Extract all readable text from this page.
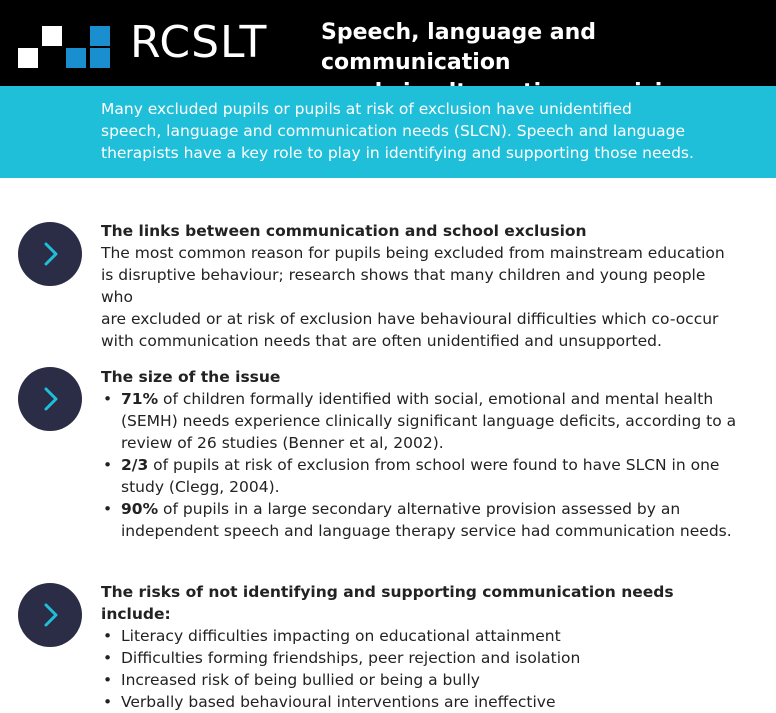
RCSLT Speech, language and communication
Many excluded pupils or pupils at risk of exclusion have unidentified
speech, language and communication needs (SLCN). Speech and language
therapists have a key role to play in identifying and supporting those needs.
The links between communication and school exclusion
The most common reason for pupils being excluded from mainstream education
is disruptive behaviour; research shows that many children and young people who
are excluded or at risk of exclusion have behavioural difficulties which co-occur
with communication needs that are often unidentified and unsupported.
The size of the issue
• 71% of children formally identified with social, emotional and mental health
(SEMH) needs experience clinically significant language deficits, according to a
review of 26 studies (Benner et al, 2002).
• 2/3 of pupils at risk of exclusion from school were found to have SLCN in one
study (Clegg, 2004).
• 90% of pupils in a large secondary alternative provision assessed by an
independent speech and language therapy service had communication needs.
The risks of not identifying and supporting communication needs include:
• Literacy difficulties impacting on educational attainment
• Difficulties forming friendships, peer rejection and isolation
• Increased risk of being bullied or being a bully
• Verbally based behavioural interventions are ineffective
